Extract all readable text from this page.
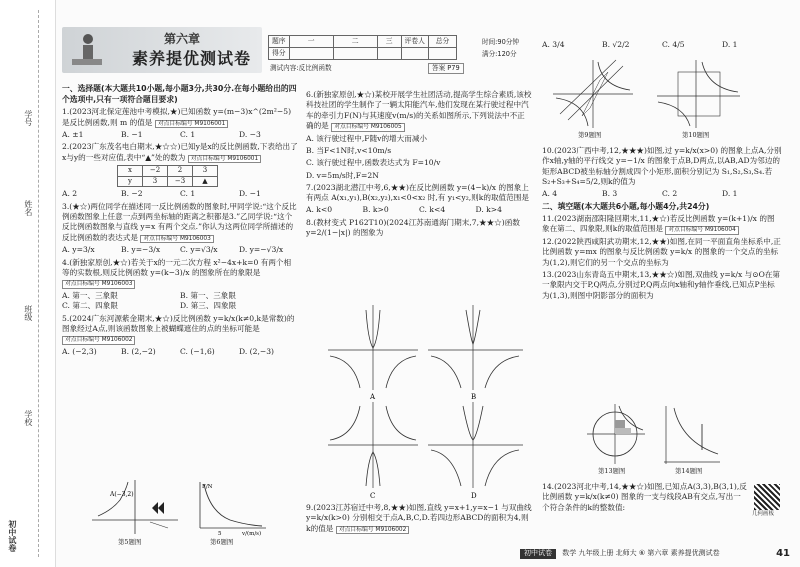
学号
姓名
班级
学校
初中试卷
第六章
素养提优测试卷
题序	一	二	三	评卷人	总分
得分					
时间:90分钟
满分:120分
测试内容:反比例函数	答案 P79
一、选择题(本大题共10小题,每小题3分,共30分.在每小题给出的四个选项中,只有一项符合题目要求)
1.(2023河北保定莲池中考模拟,★)已知函数 y=(m−3)x^(2m²−5) 是反比例函数,则 m 的值是 对点目标编号 M9106001
A. ±1	B. −1	C. 1	D. −3
2.(2023广东茂名电白期末,★☆☆)已知y是x的反比例函数,下表给出了x与y的一些对应值,表中“▲”处的数为 对点目标编号 M9106001
x	−2	2	3
y	3	−3	▲
A. 2	B. −2	C. 1	D. −1
3.(★☆)两位同学在描述同一反比例函数的图象时,甲同学说:“这个反比例函数图象上任意一点到两坐标轴的距离之积都是3.”乙同学说:“这个反比例函数图象与直线 y=x 有两个交点.”你认为这两位同学所描述的反比例函数的表达式是 对点目标编号 M9106003
A. y=3/x	B. y=−3/x	C. y=√3/x	D. y=−√3/x
4.(新独家原创,★☆)若关于x的一元二次方程 x²−4x+k=0 有两个相等的实数根,则反比例函数 y=(k−3)/x 的图象所在的象限是 对点目标编号 M9106003
A. 第一、三象限	B. 第一、三象限
C. 第二、四象限	D. 第三、四象限
5.(2024广东河源紫金期末,★☆)反比例函数 y=k/x(k≠0,k是常数)的图象经过A点,则该函数图象上被蝴蝶遮住的点的坐标可能是 对点目标编号 M9106002
A. (−2,3)	B. (2,−2)	C. (−1,6)	D. (2,−3)
A(−3,2)
第5题图
F/N
v/(m/s)
5
第6题图
6.(新独家原创,★☆)某校开展学生社团活动,提高学生综合素质,该校科技社团的学生制作了一辆太阳能汽车,他们发现在某行驶过程中汽车的牵引力F(N)与其速度v(m/s)的关系如图所示,下列说法中不正确的是 对点目标编号 M9106005
A. 该行驶过程中,F随v的增大而减小
B. 当F<1N时,v<10m/s
C. 该行驶过程中,函数表达式为 F=10/v
D. v=5m/s时,F=2N
7.(2023湖北潜江中考,6,★★)在反比例函数 y=(4−k)/x 的图象上有两点 A(x₁,y₁),B(x₂,y₂),x₁<0<x₂ 时,有 y₁<y₂,则k的取值范围是
A. k<0	B. k>0	C. k<4	D. k>4
8.(教材变式 P162T10)(2024江苏南通海门期末,7,★★☆)函数 y=2/(1−|x|) 的图象为
A	B
C	D
9.(2023江苏宿迁中考,8,★★)如图,直线 y=x+1,y=x−1 与双曲线 y=k/x(k>0) 分别相交于点A,B,C,D.若四边形ABCD的面积为4,则k的值是 对点目标编号 M9106002
A. 3/4	B. √2/2	C. 4/5	D. 1
第9题图	第10题图
10.(2023广西中考,12,★★★)如图,过 y=k/x(x>0) 的图象上点A,分别作x轴,y轴的平行线交 y=−1/x 的图象于点B,D两点,以AB,AD为邻边的矩形ABCD被坐标轴分割成四个小矩形,面积分别记为 S₁,S₂,S₃,S₄.若 S₂+S₃+S₄=5/2,则k的值为
A. 4	B. 3	C. 2	D. 1
二、填空题(本大题共6小题,每小题4分,共24分)
11.(2023湖南邵阳隆回期末,11,★☆)若反比例函数 y=(k+1)/x 的图象在第二、四象限,则k的取值范围是 对点目标编号 M9106004
12.(2022陕西咸阳武功期末,12,★★)如图,在同一平面直角坐标系中,正比例函数 y=mx 的图象与反比例函数 y=k/x 的图象的一个交点的坐标为(1,2),则它们的另一个交点的坐标为
13.(2023山东青岛五中期末,13,★★☆)如图,双曲线 y=k/x 与⊙O在第一象限内交于P,Q两点,分别过P,Q两点向x轴和y轴作垂线,已知点P坐标为(1,3),则图中阴影部分的面积为
第13题图	第14题图
14.(2023河北中考,14,★★☆)如图,已知点A(3,3),B(3,1),反比例函数 y=k/x(k≠0) 图象的一支与线段AB有交点,写出一个符合条件的k的整数值:
几何画板
初中试卷 数学 九年级上册 北师大 ⑥ 第六章 素养提优测试卷	41
